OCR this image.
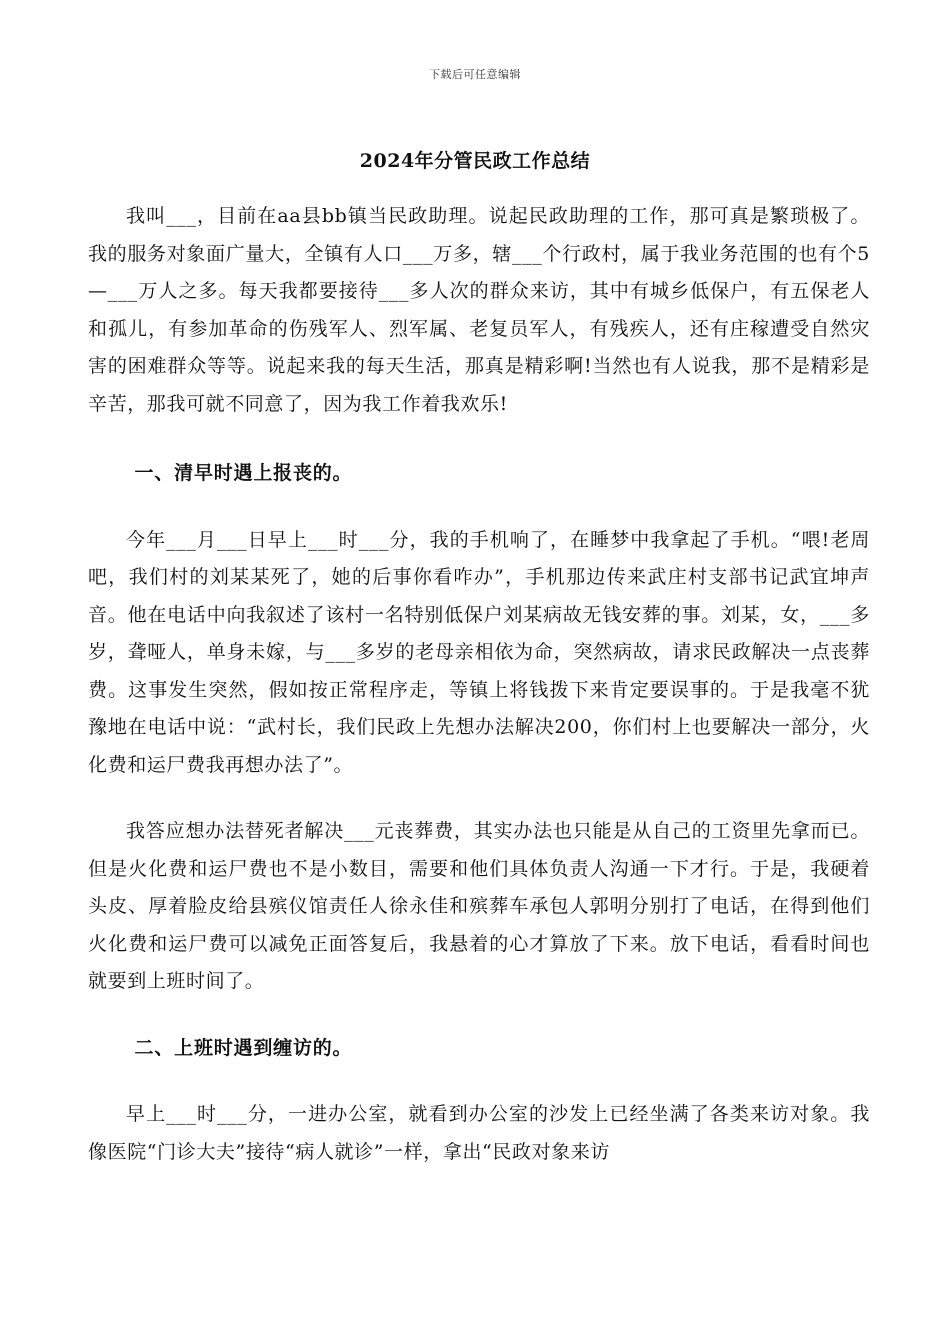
下载后可任意编辑
2024年分管民政工作总结

我叫___，目前在aa县bb镇当民政助理。说起民政助理的工作，那可真是繁琐极了。我的服务对象面广量大，全镇有人口___万多，辖___个行政村，属于我业务范围的也有个5—___万人之多。每天我都要接待___多人次的群众来访，其中有城乡低保户，有五保老人和孤儿，有参加革命的伤残军人、烈军属、老复员军人，有残疾人，还有庄稼遭受自然灾害的困难群众等等。说起来我的每天生活，那真是精彩啊!当然也有人说我，那不是精彩是辛苦，那我可就不同意了，因为我工作着我欢乐!

一、清早时遇上报丧的。

今年___月___日早上___时___分，我的手机响了，在睡梦中我拿起了手机。“喂!老周吧，我们村的刘某某死了，她的后事你看咋办”，手机那边传来武庄村支部书记武宜坤声音。他在电话中向我叙述了该村一名特别低保户刘某病故无钱安葬的事。刘某，女，___多岁，聋哑人，单身未嫁，与___多岁的老母亲相依为命，突然病故，请求民政解决一点丧葬费。这事发生突然，假如按正常程序走，等镇上将钱拨下来肯定要误事的。于是我毫不犹豫地在电话中说：“武村长，我们民政上先想办法解决200，你们村上也要解决一部分，火化费和运尸费我再想办法了”。

我答应想办法替死者解决___元丧葬费，其实办法也只能是从自己的工资里先拿而已。但是火化费和运尸费也不是小数目，需要和他们具体负责人沟通一下才行。于是，我硬着头皮、厚着脸皮给县殡仪馆责任人徐永佳和殡葬车承包人郭明分别打了电话，在得到他们火化费和运尸费可以减免正面答复后，我悬着的心才算放了下来。放下电话，看看时间也就要到上班时间了。

二、上班时遇到缠访的。

早上___时___分，一进办公室，就看到办公室的沙发上已经坐满了各类来访对象。我像医院“门诊大夫”接待“病人就诊”一样，拿出“民政对象来访
